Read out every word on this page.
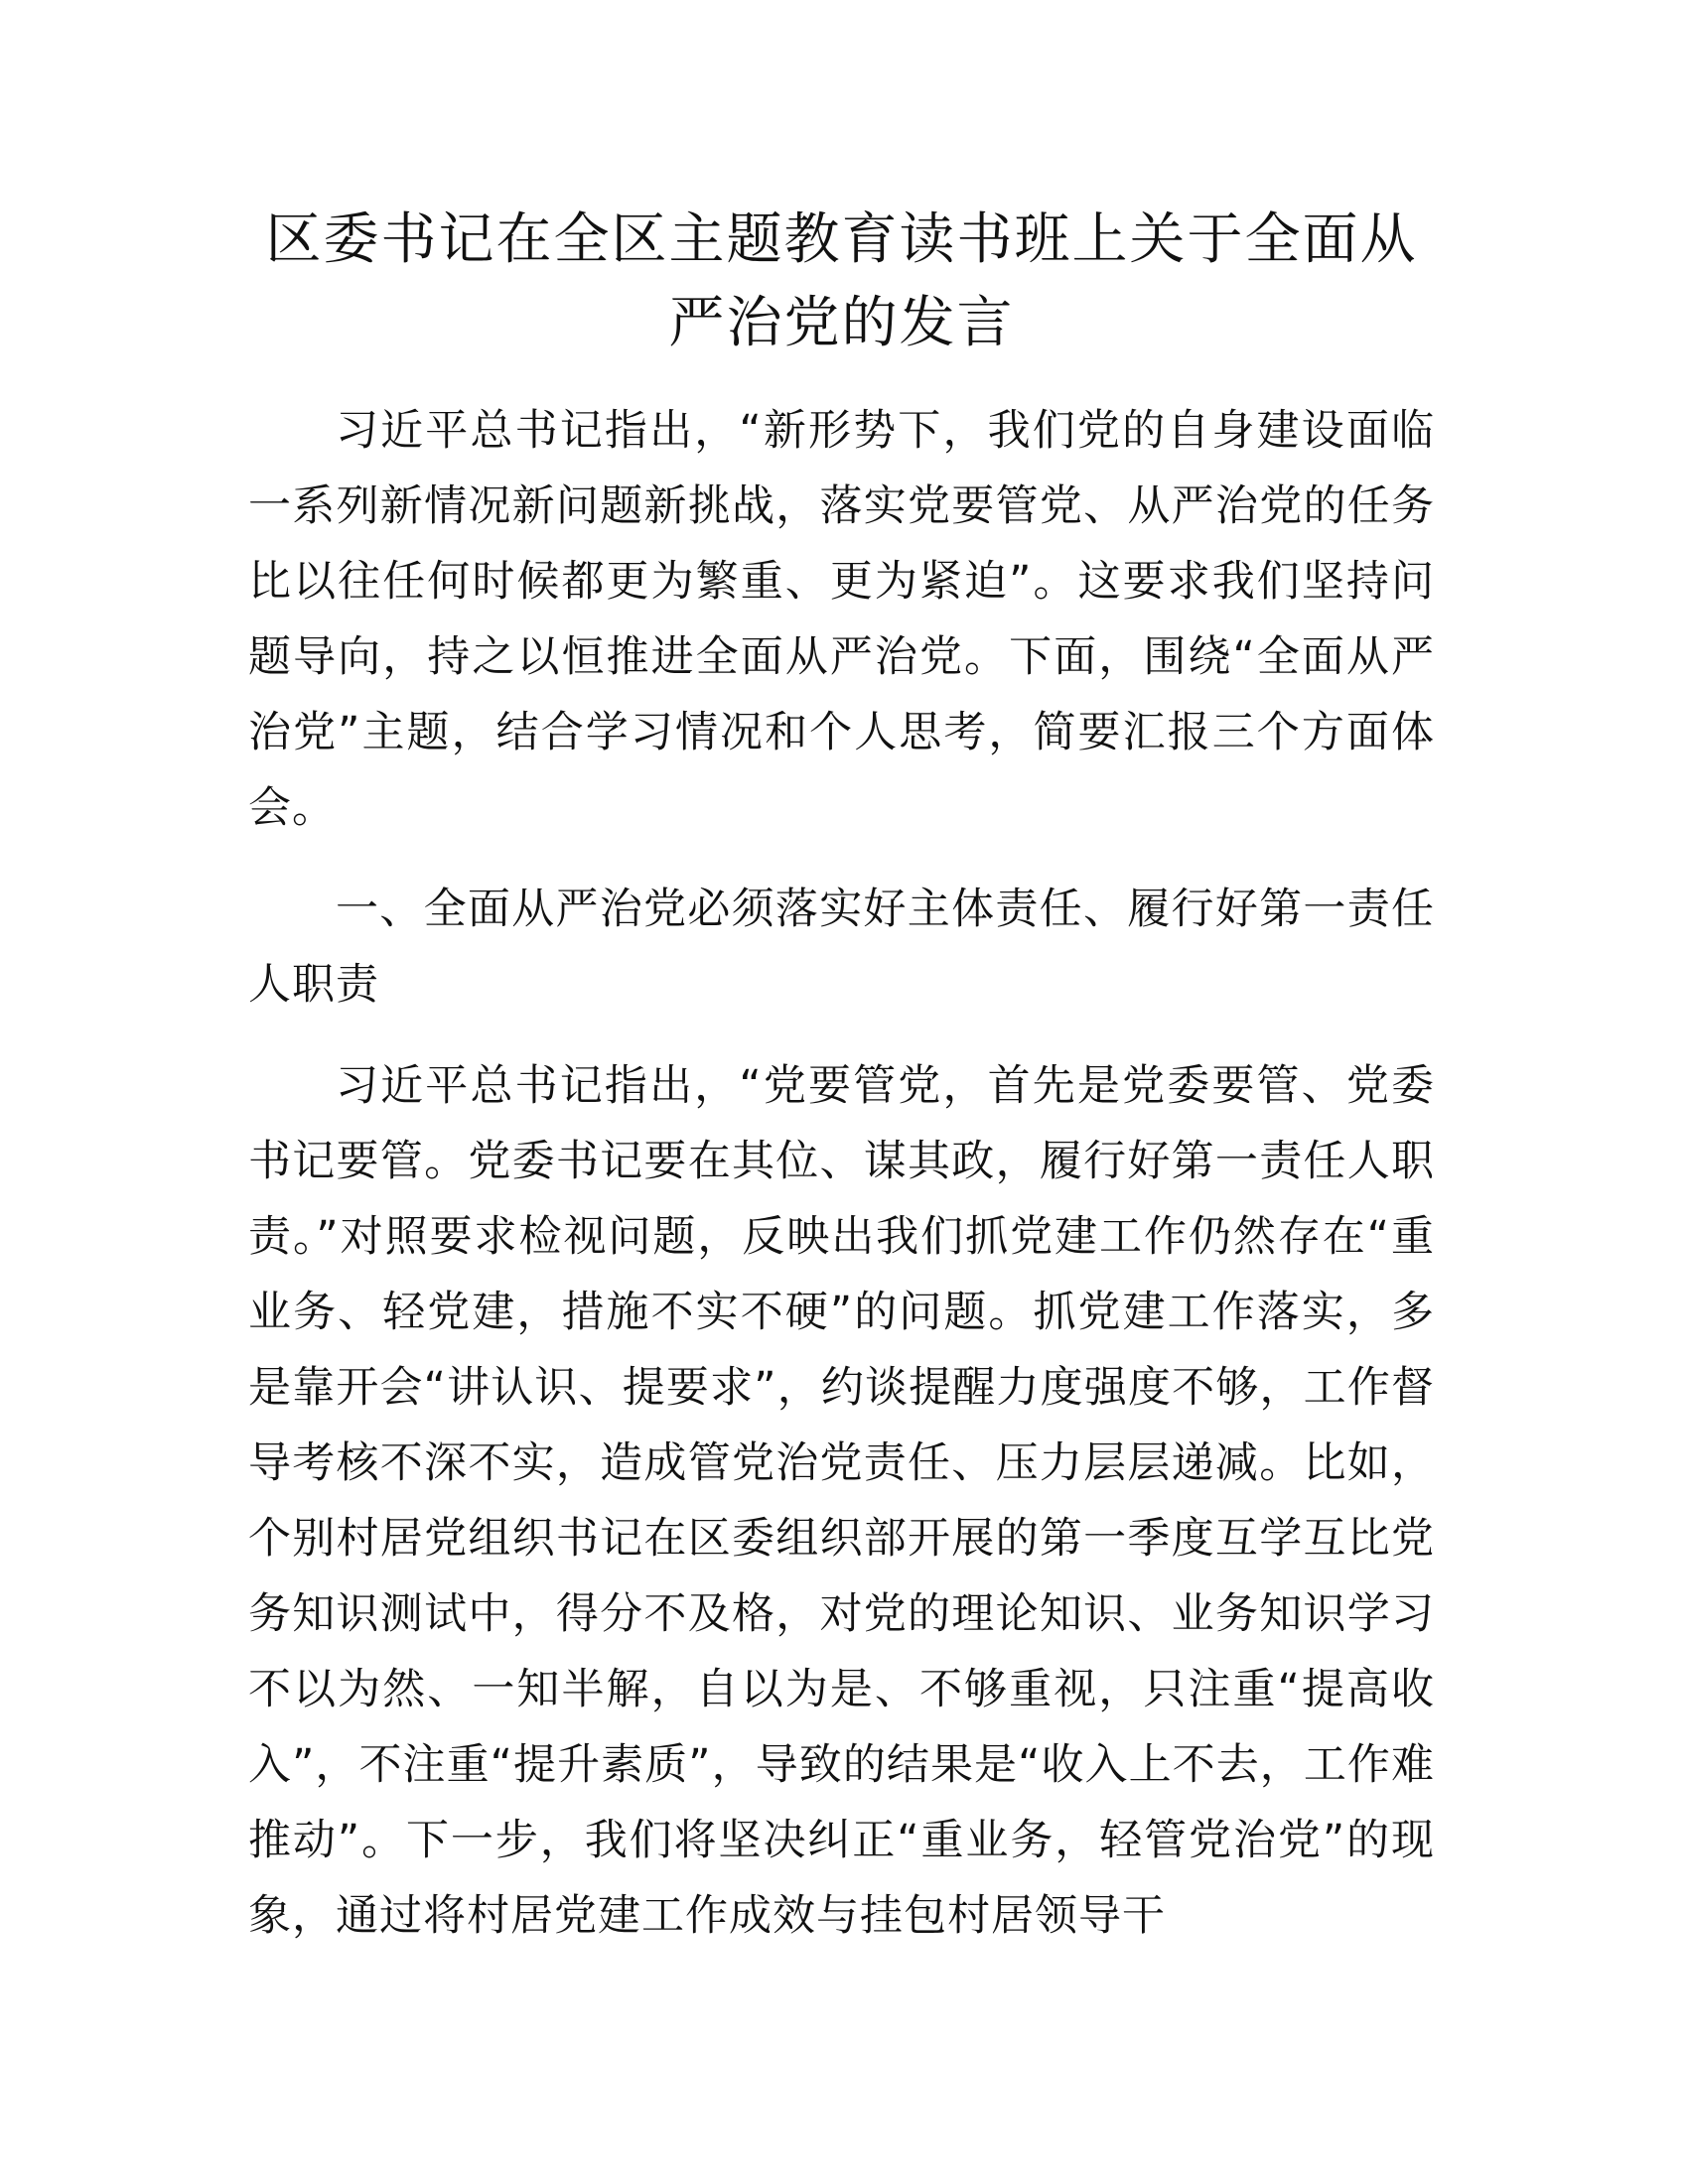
区委书记在全区主题教育读书班上关于全面从严治党的发言

习近平总书记指出，“新形势下，我们党的自身建设面临一系列新情况新问题新挑战，落实党要管党、从严治党的任务比以往任何时候都更为繁重、更为紧迫”。这要求我们坚持问题导向，持之以恒推进全面从严治党。下面，围绕“全面从严治党”主题，结合学习情况和个人思考，简要汇报三个方面体会。

一、全面从严治党必须落实好主体责任、履行好第一责任人职责

习近平总书记指出，“党要管党，首先是党委要管、党委书记要管。党委书记要在其位、谋其政，履行好第一责任人职责。”对照要求检视问题，反映出我们抓党建工作仍然存在“重业务、轻党建，措施不实不硬”的问题。抓党建工作落实，多是靠开会“讲认识、提要求”，约谈提醒力度强度不够，工作督导考核不深不实，造成管党治党责任、压力层层递减。比如，个别村居党组织书记在区委组织部开展的第一季度互学互比党务知识测试中，得分不及格，对党的理论知识、业务知识学习不以为然、一知半解，自以为是、不够重视，只注重“提高收入”，不注重“提升素质”，导致的结果是“收入上不去，工作难推动”。下一步，我们将坚决纠正“重业务，轻管党治党”的现象，通过将村居党建工作成效与挂包村居领导干
